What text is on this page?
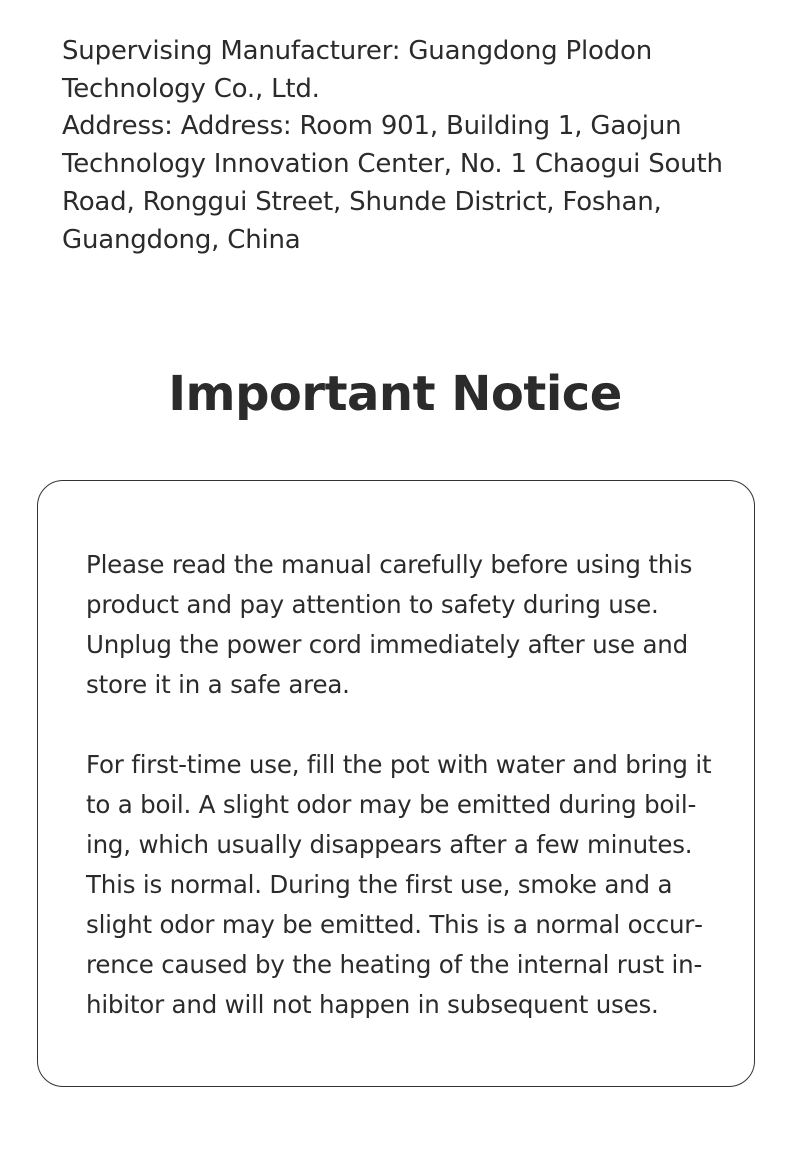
Supervising Manufacturer: Guangdong Plodon Technology Co., Ltd.

Address: Address: Room 901, Building 1, Gaojun Technology Innovation Center, No. 1 Chaogui South Road, Ronggui Street, Shunde District, Foshan, Guangdong, China

Important Notice

Please read the manual carefully before using this product and pay attention to safety during use. Unplug the power cord immediately after use and store it in a safe area.

For first-time use, fill the pot with water and bring it to a boil. A slight odor may be emitted during boiling, which usually disappears after a few minutes. This is normal. During the first use, smoke and a slight odor may be emitted. This is a normal occurrence caused by the heating of the internal rust inhibitor and will not happen in subsequent uses.
